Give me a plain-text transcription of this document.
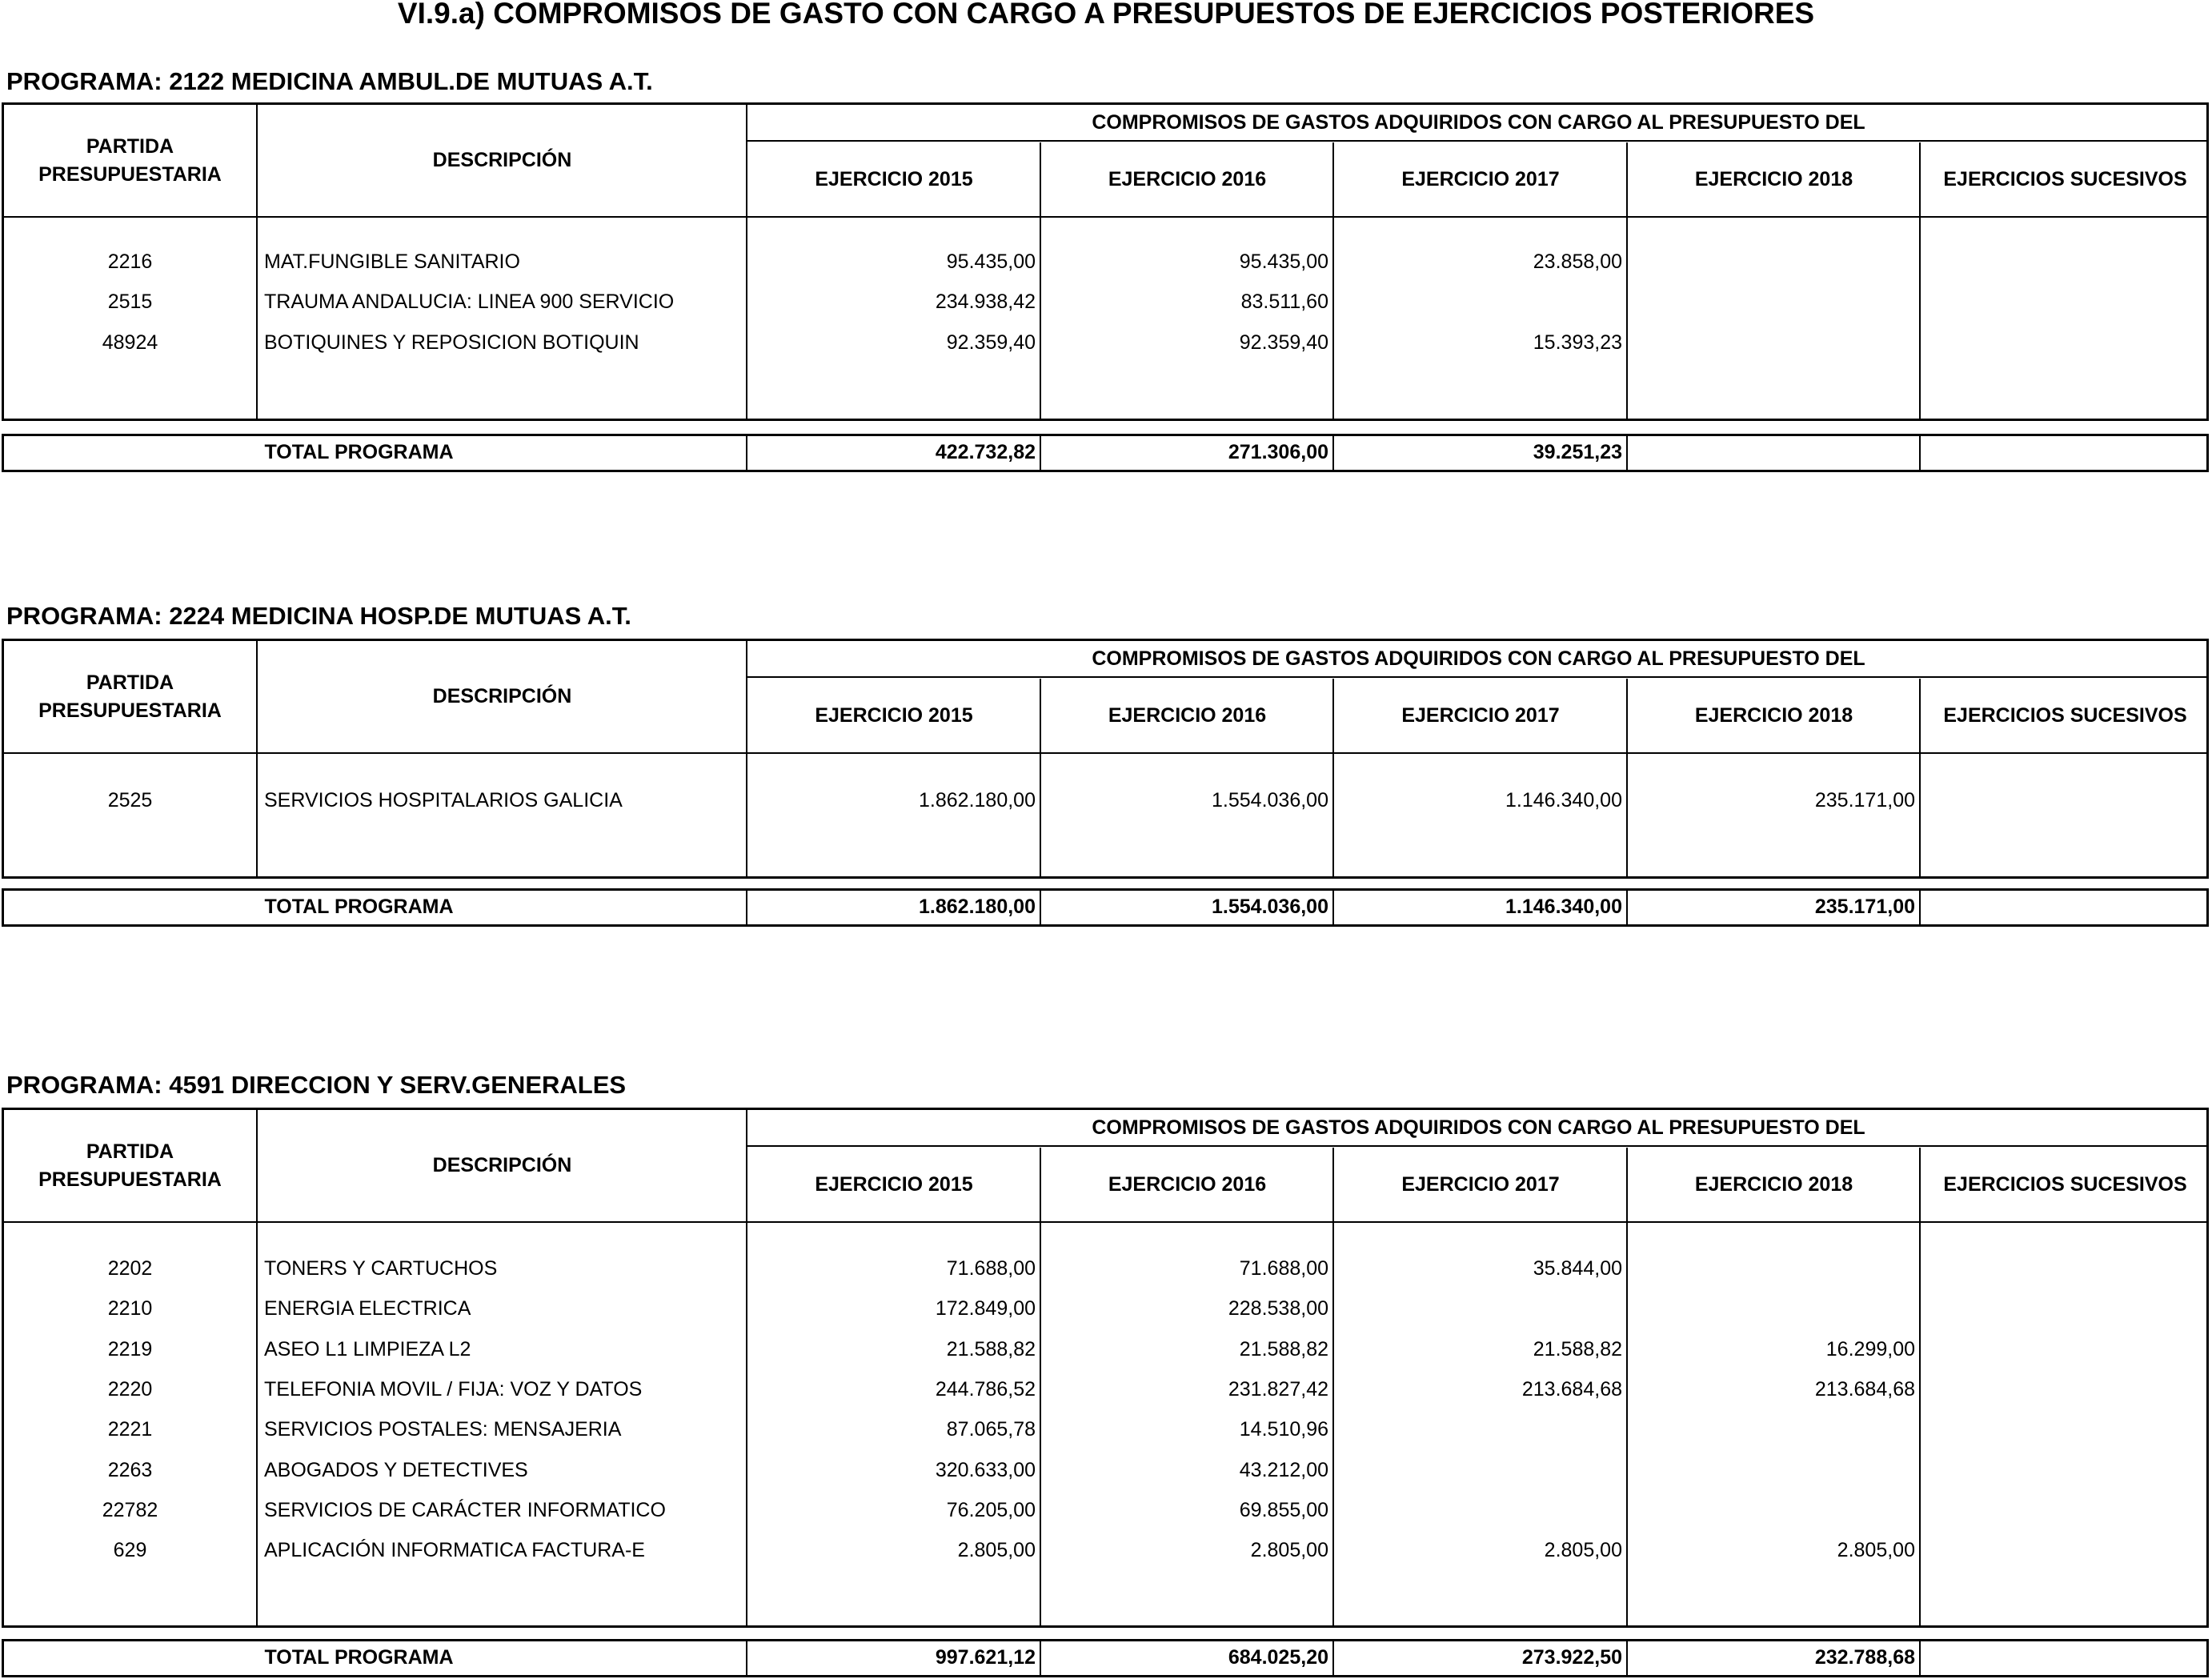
VI.9.a) COMPROMISOS DE GASTO CON CARGO A PRESUPUESTOS DE EJERCICIOS POSTERIORES
PROGRAMA: 2122 MEDICINA AMBUL.DE MUTUAS A.T.
PARTIDA PRESUPUESTARIA
DESCRIPCIÓN
COMPROMISOS DE GASTOS ADQUIRIDOS CON CARGO AL PRESUPUESTO DEL
EJERCICIO 2015	EJERCICIO 2016	EJERCICIO 2017	EJERCICIO 2018	EJERCICIOS SUCESIVOS
2216	MAT.FUNGIBLE SANITARIO	95.435,00	95.435,00	23.858,00
2515	TRAUMA ANDALUCIA: LINEA 900 SERVICIO	234.938,42	83.511,60
48924	BOTIQUINES Y REPOSICION BOTIQUIN	92.359,40	92.359,40	15.393,23
TOTAL PROGRAMA	422.732,82	271.306,00	39.251,23
PROGRAMA: 2224 MEDICINA HOSP.DE MUTUAS A.T.
PARTIDA PRESUPUESTARIA
DESCRIPCIÓN
COMPROMISOS DE GASTOS ADQUIRIDOS CON CARGO AL PRESUPUESTO DEL
EJERCICIO 2015	EJERCICIO 2016	EJERCICIO 2017	EJERCICIO 2018	EJERCICIOS SUCESIVOS
2525	SERVICIOS HOSPITALARIOS GALICIA	1.862.180,00	1.554.036,00	1.146.340,00	235.171,00
TOTAL PROGRAMA	1.862.180,00	1.554.036,00	1.146.340,00	235.171,00
PROGRAMA: 4591 DIRECCION Y SERV.GENERALES
PARTIDA PRESUPUESTARIA
DESCRIPCIÓN
COMPROMISOS DE GASTOS ADQUIRIDOS CON CARGO AL PRESUPUESTO DEL
EJERCICIO 2015	EJERCICIO 2016	EJERCICIO 2017	EJERCICIO 2018	EJERCICIOS SUCESIVOS
2202	TONERS Y CARTUCHOS	71.688,00	71.688,00	35.844,00
2210	ENERGIA ELECTRICA	172.849,00	228.538,00
2219	ASEO L1 LIMPIEZA L2	21.588,82	21.588,82	21.588,82	16.299,00
2220	TELEFONIA MOVIL / FIJA: VOZ Y DATOS	244.786,52	231.827,42	213.684,68	213.684,68
2221	SERVICIOS POSTALES: MENSAJERIA	87.065,78	14.510,96
2263	ABOGADOS Y DETECTIVES	320.633,00	43.212,00
22782	SERVICIOS DE CARÁCTER INFORMATICO	76.205,00	69.855,00
629	APLICACIÓN INFORMATICA FACTURA-E	2.805,00	2.805,00	2.805,00	2.805,00
TOTAL PROGRAMA	997.621,12	684.025,20	273.922,50	232.788,68
